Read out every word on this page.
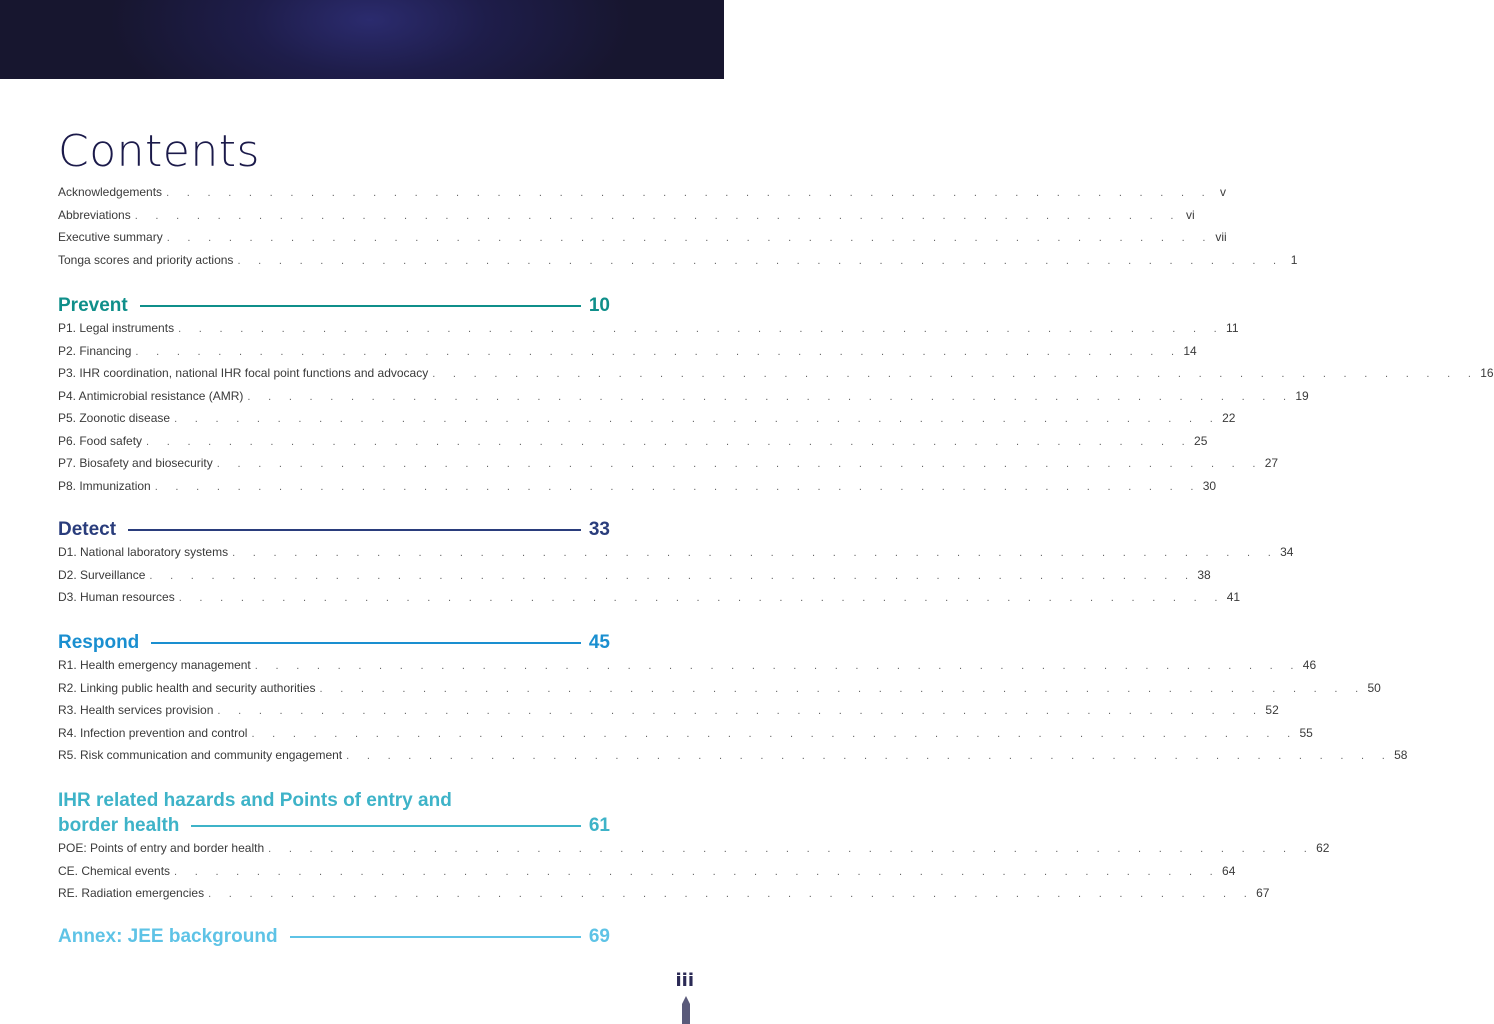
Contents
Acknowledgements . . . . . . . . . . . . . . . . . . . . . . . . . . . . . . . . . . . . . . . . . . . . . . . . . . . v
Abbreviations . . . . . . . . . . . . . . . . . . . . . . . . . . . . . . . . . . . . . . . . . . . . . . . . . . . vi
Executive summary . . . . . . . . . . . . . . . . . . . . . . . . . . . . . . . . . . . . . . . . . . . . . . . . . . . vii
Tonga scores and priority actions . . . . . . . . . . . . . . . . . . . . . . . . . . . . . . . . . . . . . . . . . . . . . . . . . . . 1
Prevent	10
P1. Legal instruments . . . . . . . . . . . . . . . . . . . . . . . . . . . . . . . . . . . . . . . . . . . . . . . . . . . 11
P2. Financing . . . . . . . . . . . . . . . . . . . . . . . . . . . . . . . . . . . . . . . . . . . . . . . . . . . 14
P3. IHR coordination, national IHR focal point functions and advocacy . . . . . . . . . . . . . . . . . . . . . . . . . . . . . . . . . . . . . . . . . . . . . . . . . . . 16
P4. Antimicrobial resistance (AMR) . . . . . . . . . . . . . . . . . . . . . . . . . . . . . . . . . . . . . . . . . . . . . . . . . . . 19
P5. Zoonotic disease . . . . . . . . . . . . . . . . . . . . . . . . . . . . . . . . . . . . . . . . . . . . . . . . . . . 22
P6. Food safety . . . . . . . . . . . . . . . . . . . . . . . . . . . . . . . . . . . . . . . . . . . . . . . . . . . 25
P7. Biosafety and biosecurity . . . . . . . . . . . . . . . . . . . . . . . . . . . . . . . . . . . . . . . . . . . . . . . . . . . 27
P8. Immunization . . . . . . . . . . . . . . . . . . . . . . . . . . . . . . . . . . . . . . . . . . . . . . . . . . . 30
Detect	33
D1. National laboratory systems . . . . . . . . . . . . . . . . . . . . . . . . . . . . . . . . . . . . . . . . . . . . . . . . . . . 34
D2. Surveillance . . . . . . . . . . . . . . . . . . . . . . . . . . . . . . . . . . . . . . . . . . . . . . . . . . . 38
D3. Human resources . . . . . . . . . . . . . . . . . . . . . . . . . . . . . . . . . . . . . . . . . . . . . . . . . . . 41
Respond	45
R1. Health emergency management . . . . . . . . . . . . . . . . . . . . . . . . . . . . . . . . . . . . . . . . . . . . . . . . . . . 46
R2. Linking public health and security authorities . . . . . . . . . . . . . . . . . . . . . . . . . . . . . . . . . . . . . . . . . . . . . . . . . . . 50
R3. Health services provision . . . . . . . . . . . . . . . . . . . . . . . . . . . . . . . . . . . . . . . . . . . . . . . . . . . 52
R4. Infection prevention and control . . . . . . . . . . . . . . . . . . . . . . . . . . . . . . . . . . . . . . . . . . . . . . . . . . . 55
R5. Risk communication and community engagement . . . . . . . . . . . . . . . . . . . . . . . . . . . . . . . . . . . . . . . . . . . . . . . . . . . 58
IHR related hazards and Points of entry and
border health	61
POE: Points of entry and border health . . . . . . . . . . . . . . . . . . . . . . . . . . . . . . . . . . . . . . . . . . . . . . . . . . . 62
CE. Chemical events . . . . . . . . . . . . . . . . . . . . . . . . . . . . . . . . . . . . . . . . . . . . . . . . . . . 64
RE. Radiation emergencies . . . . . . . . . . . . . . . . . . . . . . . . . . . . . . . . . . . . . . . . . . . . . . . . . . . 67
Annex: JEE background	69
iii
